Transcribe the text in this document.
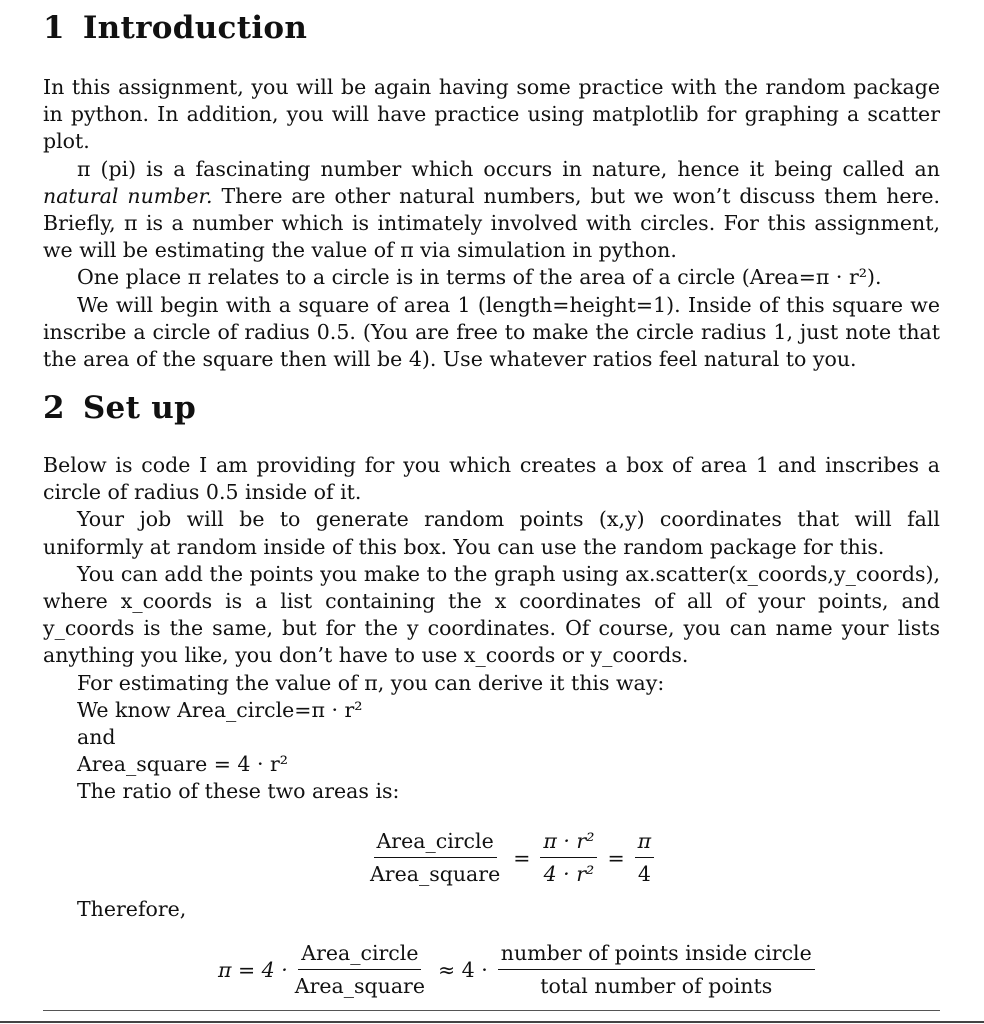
1 Introduction

In this assignment, you will be again having some practice with the random package in python. In addition, you will have practice using matplotlib for graphing a scatter plot.

π (pi) is a fascinating number which occurs in nature, hence it being called an natural number. There are other natural numbers, but we won’t discuss them here. Briefly, π is a number which is intimately involved with circles. For this assignment, we will be estimating the value of π via simulation in python.

One place π relates to a circle is in terms of the area of a circle (Area=π · r²).

We will begin with a square of area 1 (length=height=1). Inside of this square we inscribe a circle of radius 0.5. (You are free to make the circle radius 1, just note that the area of the square then will be 4). Use whatever ratios feel natural to you.

2 Set up

Below is code I am providing for you which creates a box of area 1 and inscribes a circle of radius 0.5 inside of it.

Your job will be to generate random points (x,y) coordinates that will fall uniformly at random inside of this box. You can use the random package for this.

You can add the points you make to the graph using ax.scatter(x_coords,y_coords), where x_coords is a list containing the x coordinates of all of your points, and y_coords is the same, but for the y coordinates. Of course, you can name your lists anything you like, you don’t have to use x_coords or y_coords.

For estimating the value of π, you can derive it this way:
We know Area_circle=π · r²
and
Area_square = 4 · r²
The ratio of these two areas is:
$\frac{\text{Area\_circle}}{\text{Area\_square}} = \frac{\text{π · r²}}{\text{4 · r²}} = \frac{\pi}{4}$
Therefore,
$\pi = 4 \cdot \frac{\text{Area\_circle}}{\text{Area\_square}} \approx 4 \cdot \frac{\text{number of points inside circle}}{\text{total number of points}}$
